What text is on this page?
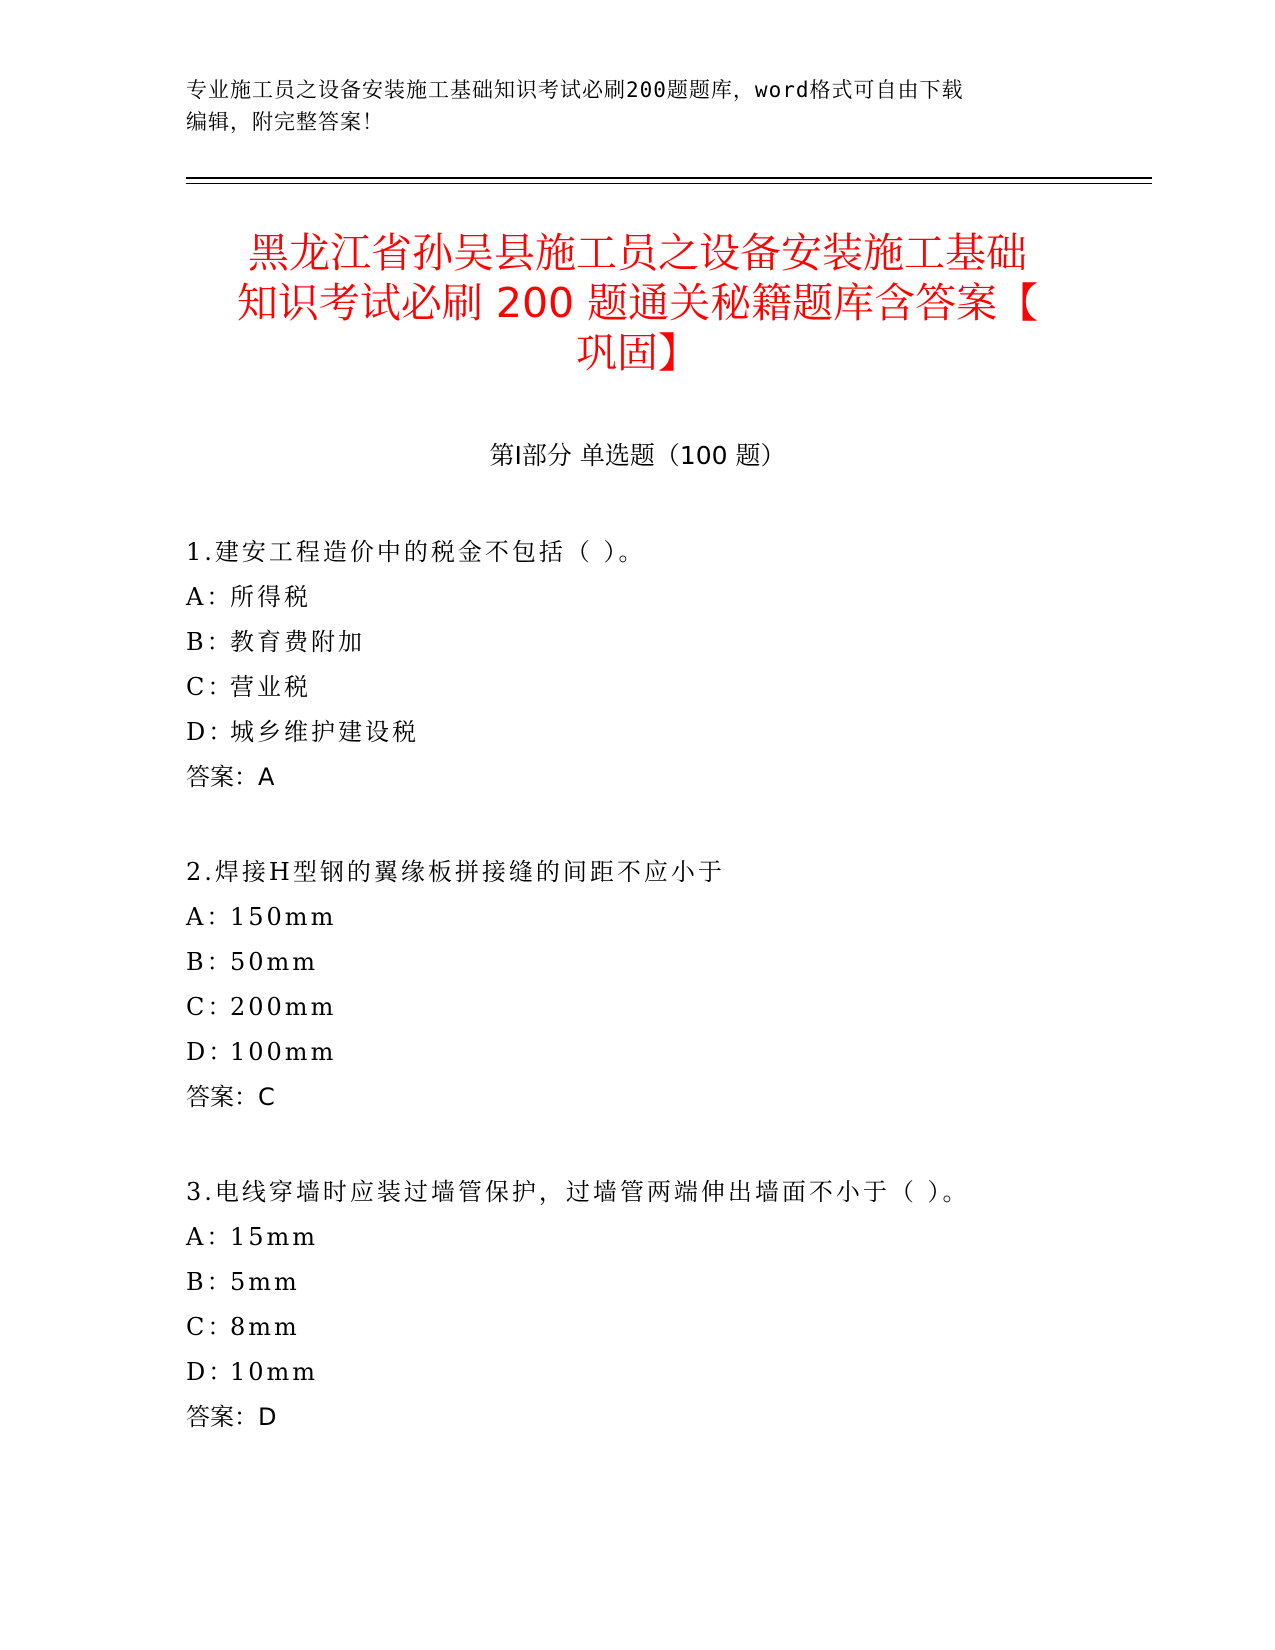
专业施工员之设备安装施工基础知识考试必刷200题题库，word格式可自由下载
编辑，附完整答案！
黑龙江省孙吴县施工员之设备安装施工基础
知识考试必刷 200 题通关秘籍题库含答案【
巩固】
第Ⅰ部分 单选题（100 题）
1.建安工程造价中的税金不包括（ ）。
A：所得税
B：教育费附加
C：营业税
D：城乡维护建设税
答案：A
2.焊接H型钢的翼缘板拼接缝的间距不应小于
A：150mm
B：50mm
C：200mm
D：100mm
答案：C
3.电线穿墙时应装过墙管保护，过墙管两端伸出墙面不小于（ ）。
A：15mm
B：5mm
C：8mm
D：10mm
答案：D
